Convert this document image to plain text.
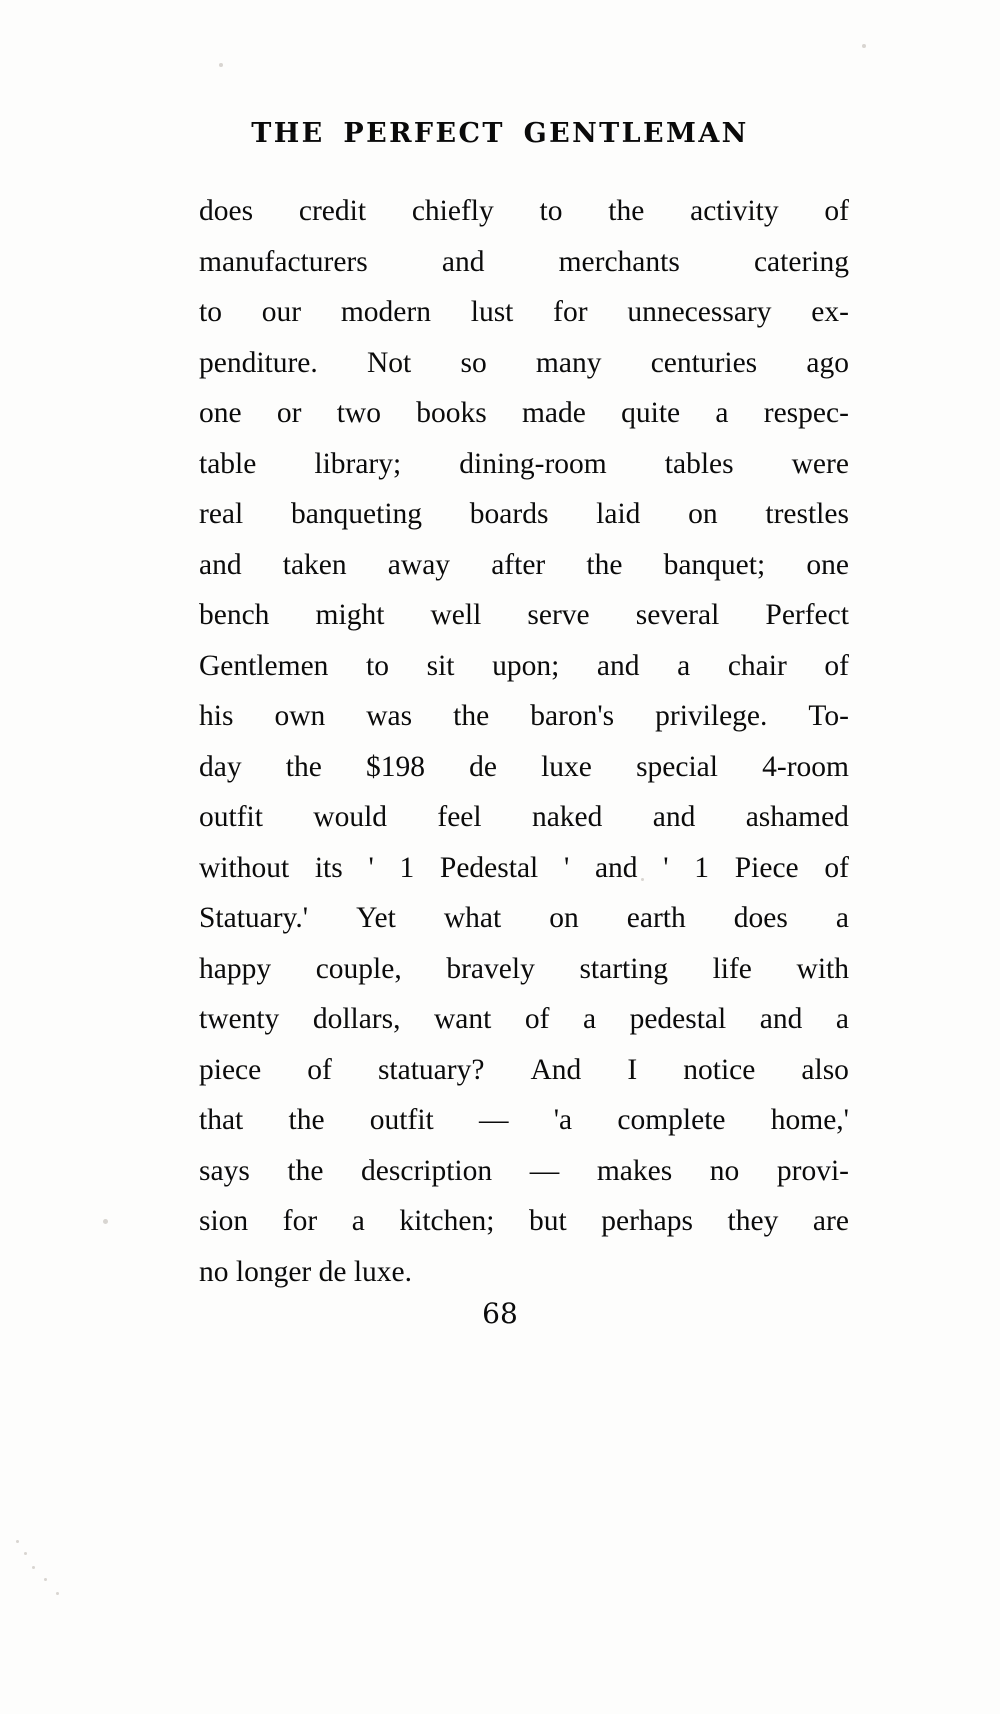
THE PERFECT GENTLEMAN
does credit chiefly to the activity of
manufacturers	and	merchants	catering
to our modern lust for unnecessary ex-
penditure. Not so many centuries ago
one or two books made quite a respec-
table library; dining-room tables were
real banqueting boards laid on trestles
and taken away after the banquet; one
bench might well serve several Perfect
Gentlemen to sit upon; and a chair of
his own was the baron's privilege. To-
day the $198 de luxe special 4-room
outfit would feel naked and ashamed
without its ' 1 Pedestal ' and ' 1 Piece of
Statuary.' Yet what on earth does a
happy couple, bravely starting life with
twenty dollars, want of a pedestal and a
piece of statuary? And I notice also
that the outfit — 'a complete home,'
says the description — makes no provi-
sion for a kitchen; but perhaps they are
no longer de luxe.
68
